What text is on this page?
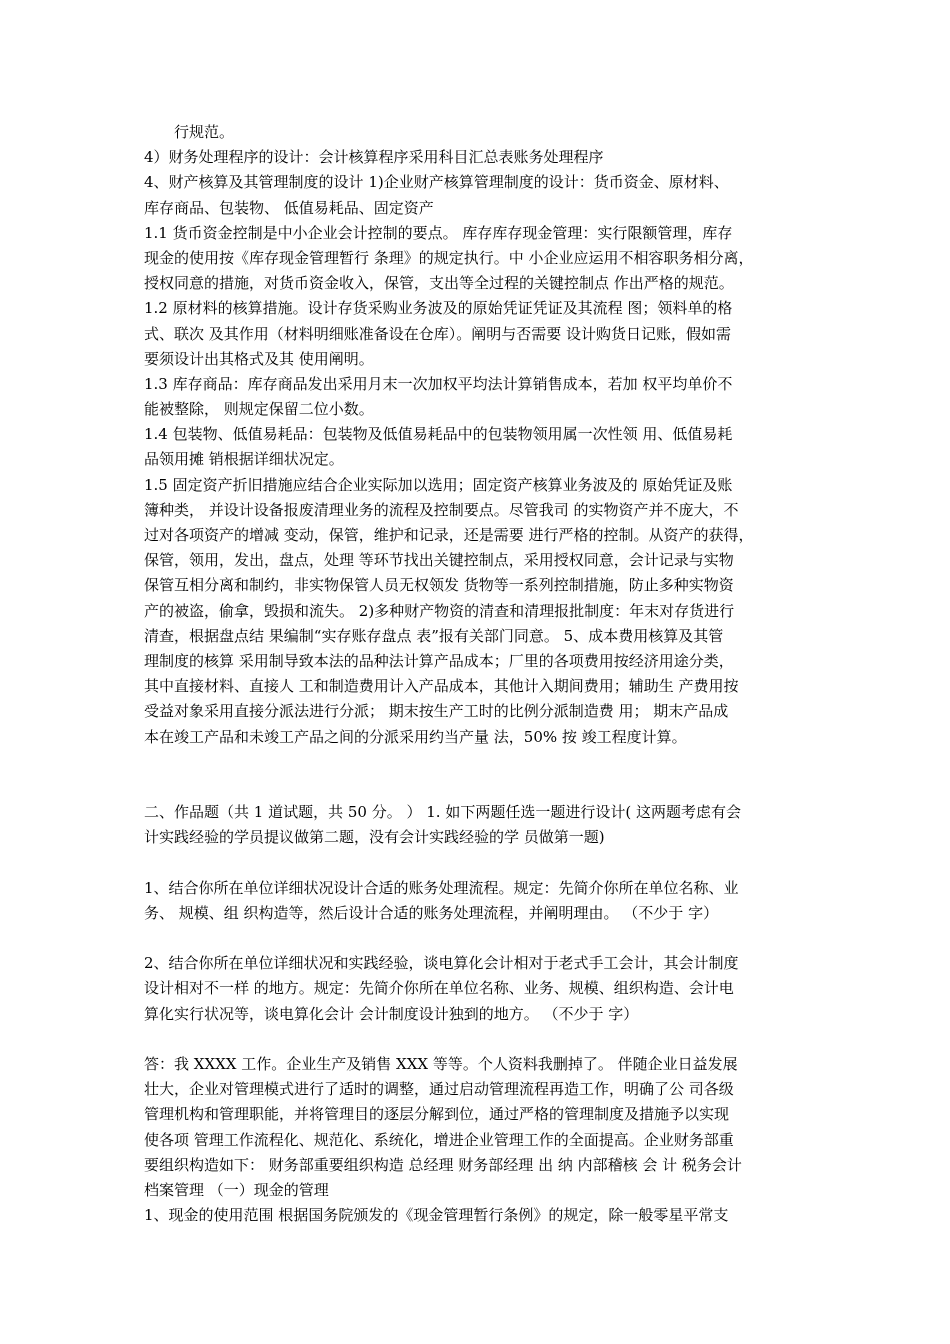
　　行规范。
4）财务处理程序的设计：会计核算程序采用科目汇总表账务处理程序
4、财产核算及其管理制度的设计 1)企业财产核算管理制度的设计：货币资金、原材料、
库存商品、包装物、 低值易耗品、固定资产
1.1 货币资金控制是中小企业会计控制的要点。 库存库存现金管理：实行限额管理，库存
现金的使用按《库存现金管理暂行 条理》的规定执行。中 小企业应运用不相容职务相分离，
授权同意的措施，对货币资金收入，保管，支出等全过程的关键控制点 作出严格的规范。
1.2 原材料的核算措施。设计存货采购业务波及的原始凭证凭证及其流程 图；领料单的格
式、联次 及其作用（材料明细账准备设在仓库）。阐明与否需要 设计购货日记账，假如需
要须设计出其格式及其 使用阐明。
1.3 库存商品：库存商品发出采用月末一次加权平均法计算销售成本，若加 权平均单价不
能被整除， 则规定保留二位小数。
1.4 包装物、低值易耗品：包装物及低值易耗品中的包装物领用属一次性领 用、低值易耗
品领用摊 销根据详细状况定。
1.5 固定资产折旧措施应结合企业实际加以选用；固定资产核算业务波及的 原始凭证及账
簿种类， 并设计设备报废清理业务的流程及控制要点。尽管我司 的实物资产并不庞大，不
过对各项资产的增减 变动，保管，维护和记录，还是需要 进行严格的控制。从资产的获得，
保管，领用，发出，盘点，处理 等环节找出关键控制点，采用授权同意，会计记录与实物
保管互相分离和制约，非实物保管人员无权领发 货物等一系列控制措施，防止多种实物资
产的被盗，偷拿，毁损和流失。 2)多种财产物资的清查和清理报批制度：年末对存货进行
清查，根据盘点结 果编制“实存账存盘点 表”报有关部门同意。 5、成本费用核算及其管
理制度的核算 采用制导致本法的品种法计算产品成本；厂里的各项费用按经济用途分类，
其中直接材料、直接人 工和制造费用计入产品成本，其他计入期间费用；辅助生 产费用按
受益对象采用直接分派法进行分派； 期末按生产工时的比例分派制造费 用； 期末产品成
本在竣工产品和未竣工产品之间的分派采用约当产量 法，50% 按 竣工程度计算。
二、作品题（共 1 道试题，共 50 分。 ） 1. 如下两题任选一题进行设计( 这两题考虑有会
计实践经验的学员提议做第二题，没有会计实践经验的学 员做第一题)
1、结合你所在单位详细状况设计合适的账务处理流程。规定：先简介你所在单位名称、业
务、 规模、组 织构造等，然后设计合适的账务处理流程，并阐明理由。 （不少于 字）
2、结合你所在单位详细状况和实践经验，谈电算化会计相对于老式手工会计，其会计制度
设计相对不一样 的地方。规定：先简介你所在单位名称、业务、规模、组织构造、会计电
算化实行状况等，谈电算化会计 会计制度设计独到的地方。 （不少于 字）
答：我 XXXX 工作。企业生产及销售 XXX 等等。个人资料我删掉了。 伴随企业日益发展
壮大，企业对管理模式进行了适时的调整，通过启动管理流程再造工作，明确了公 司各级
管理机构和管理职能，并将管理目的逐层分解到位，通过严格的管理制度及措施予以实现
使各项 管理工作流程化、规范化、系统化，增进企业管理工作的全面提高。企业财务部重
要组织构造如下： 财务部重要组织构造 总经理 财务部经理 出 纳 内部稽核 会 计 税务会计
档案管理 （一）现金的管理
1、现金的使用范围 根据国务院颁发的《现金管理暂行条例》的规定，除一般零星平常支
